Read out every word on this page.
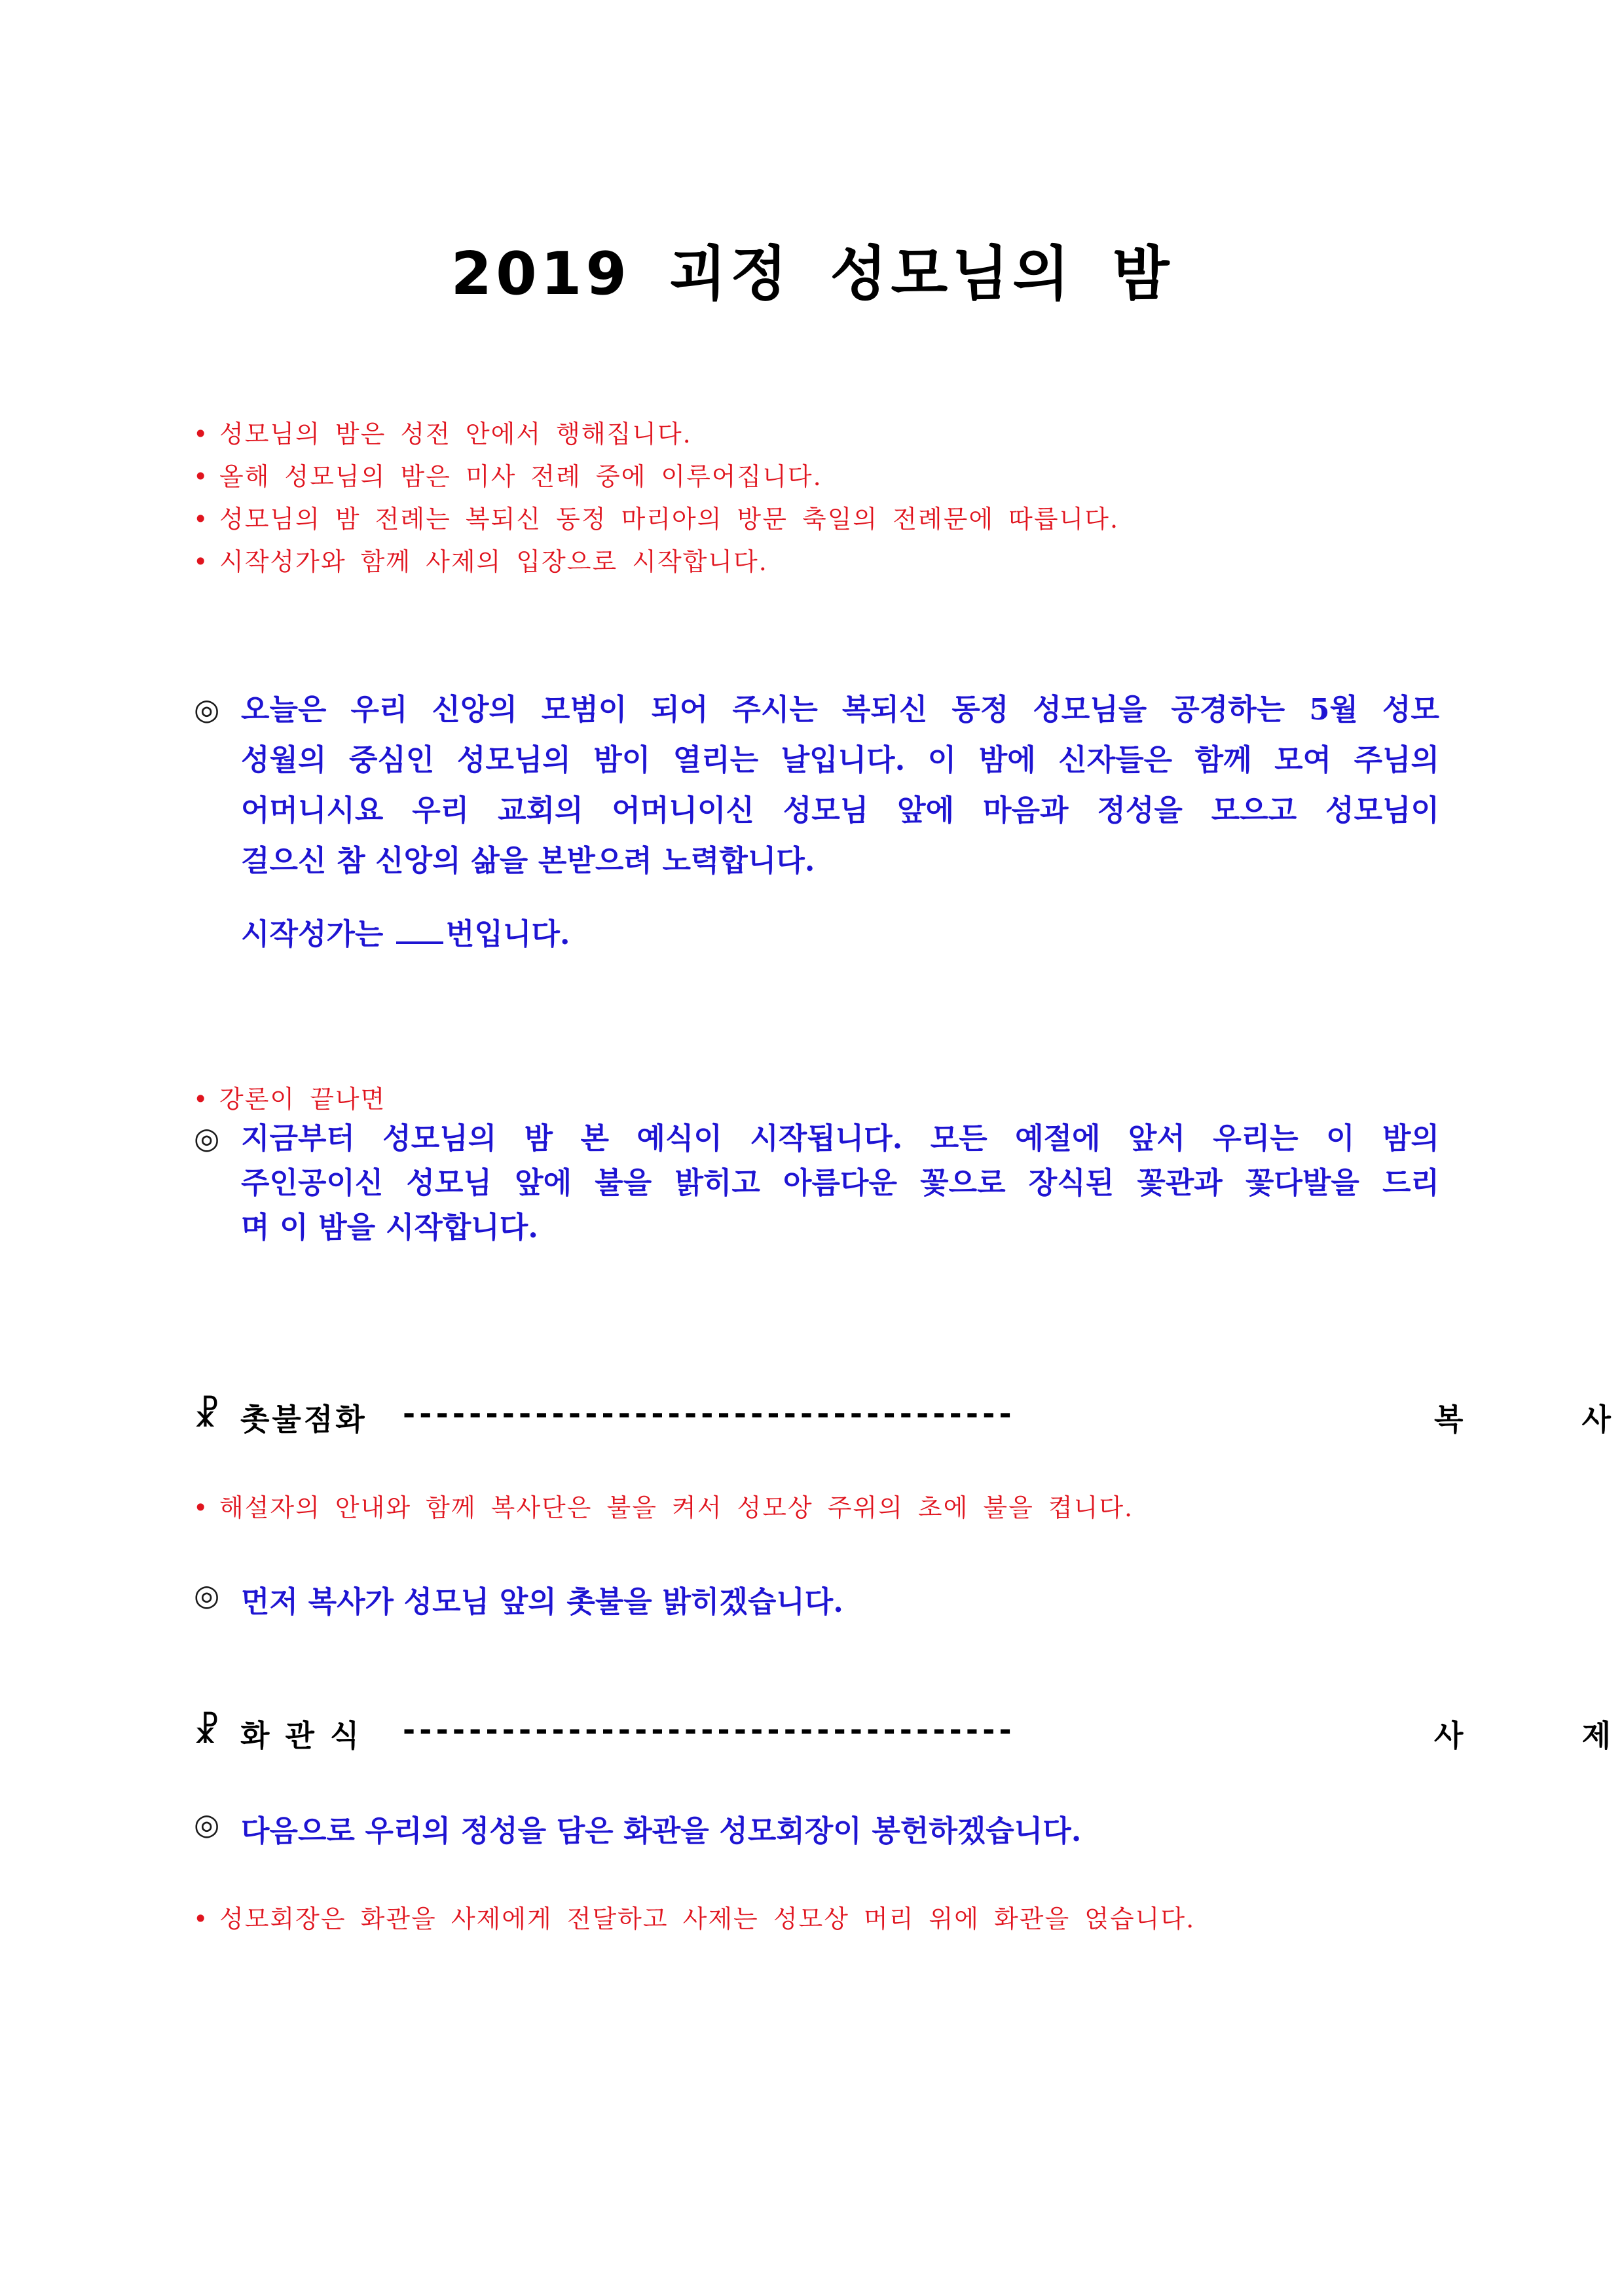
2019 괴정 성모님의 밤

• 성모님의 밤은 성전 안에서 행해집니다.

• 올해 성모님의 밤은 미사 전례 중에 이루어집니다.

• 성모님의 밤 전례는 복되신 동정 마리아의 방문 축일의 전례문에 따릅니다.

• 시작성가와 함께 사제의 입장으로 시작합니다.

◎ 오늘은 우리 신앙의 모범이 되어 주시는 복되신 동정 성모님을 공경하는 5월 성모
성월의 중심인 성모님의 밤이 열리는 날입니다. 이 밤에 신자들은 함께 모여 주님의
어머니시요 우리 교회의 어머니이신 성모님 앞에 마음과 정성을 모으고 성모님이
걸으신 참 신앙의 삶을 본받으려 노력합니다.
시작성가는 번입니다.

• 강론이 끝나면

◎ 지금부터 성모님의 밤 본 예식이 시작됩니다. 모든 예절에 앞서 우리는 이 밤의
주인공이신 성모님 앞에 불을 밝히고 아름다운 꽃으로 장식된 꽃관과 꽃다발을 드리
며 이 밤을 시작합니다.
☧ 촛불점화 -------------------------------------	복 사

• 해설자의 안내와 함께 복사단은 불을 켜서 성모상 주위의 초에 불을 켭니다.

◎ 먼저 복사가 성모님 앞의 촛불을 밝히겠습니다.
☧ 화 관 식 -------------------------------------	사 제
◎ 다음으로 우리의 정성을 담은 화관을 성모회장이 봉헌하겠습니다.

• 성모회장은 화관을 사제에게 전달하고 사제는 성모상 머리 위에 화관을 얹습니다.
